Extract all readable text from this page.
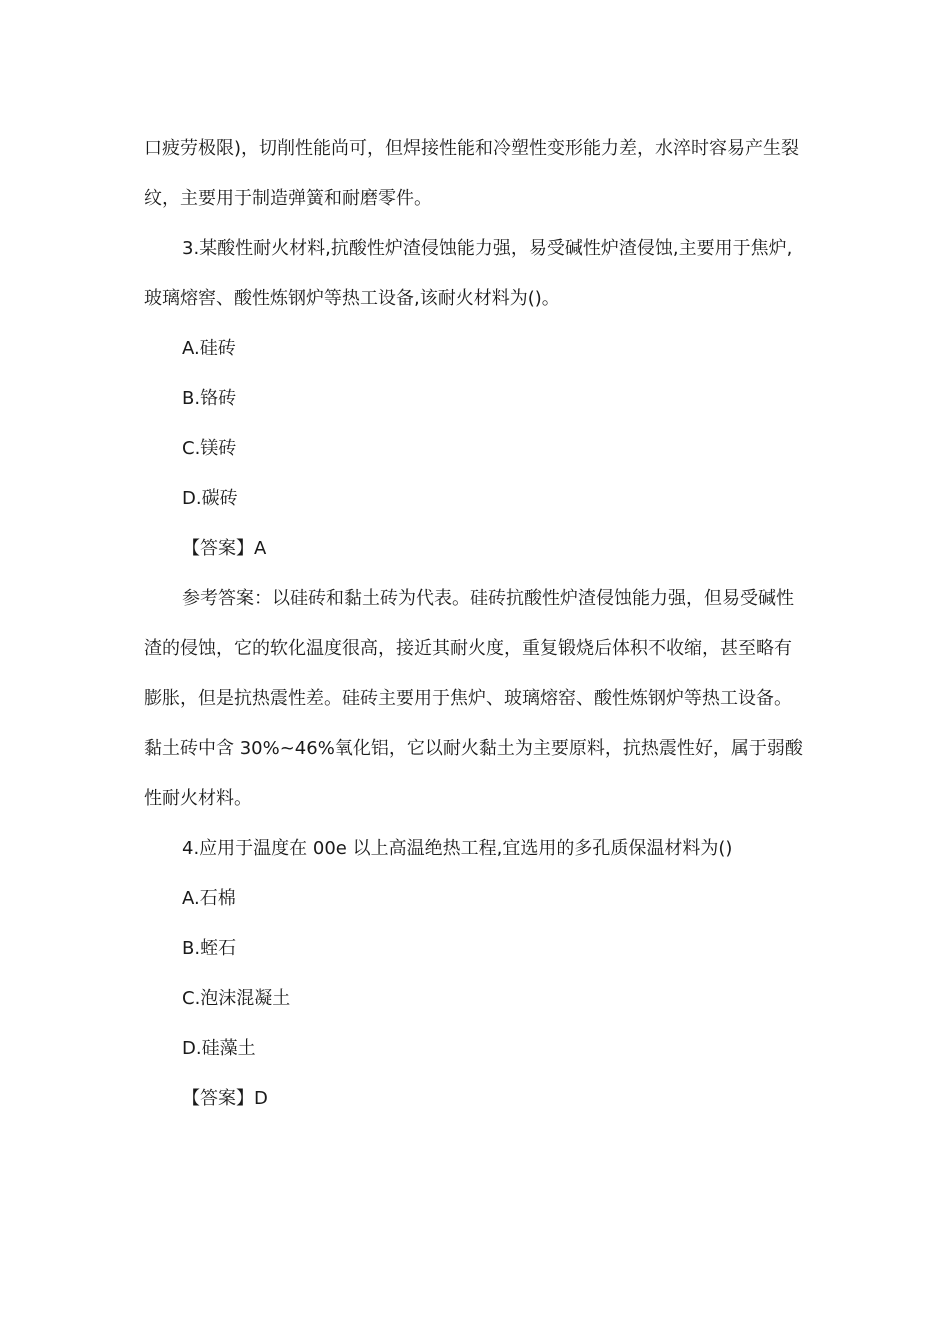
口疲劳极限)，切削性能尚可，但焊接性能和冷塑性变形能力差，水淬时容易产生裂纹，主要用于制造弹簧和耐磨零件。

3.某酸性耐火材料,抗酸性炉渣侵蚀能力强，易受碱性炉渣侵蚀,主要用于焦炉,玻璃熔窖、酸性炼钢炉等热工设备,该耐火材料为()。

A.硅砖

B.铬砖

C.镁砖

D.碳砖

【答案】A

参考答案：以硅砖和黏土砖为代表。硅砖抗酸性炉渣侵蚀能力强，但易受碱性渣的侵蚀，它的软化温度很高，接近其耐火度，重复锻烧后体积不收缩，甚至略有膨胀，但是抗热震性差。硅砖主要用于焦炉、玻璃熔窑、酸性炼钢炉等热工设备。黏土砖中含 30%~46%氧化铝，它以耐火黏土为主要原料，抗热震性好，属于弱酸性耐火材料。

4.应用于温度在 00e 以上高温绝热工程,宜选用的多孔质保温材料为()

A.石棉

B.蛭石

C.泡沫混凝土

D.硅藻土

【答案】D
